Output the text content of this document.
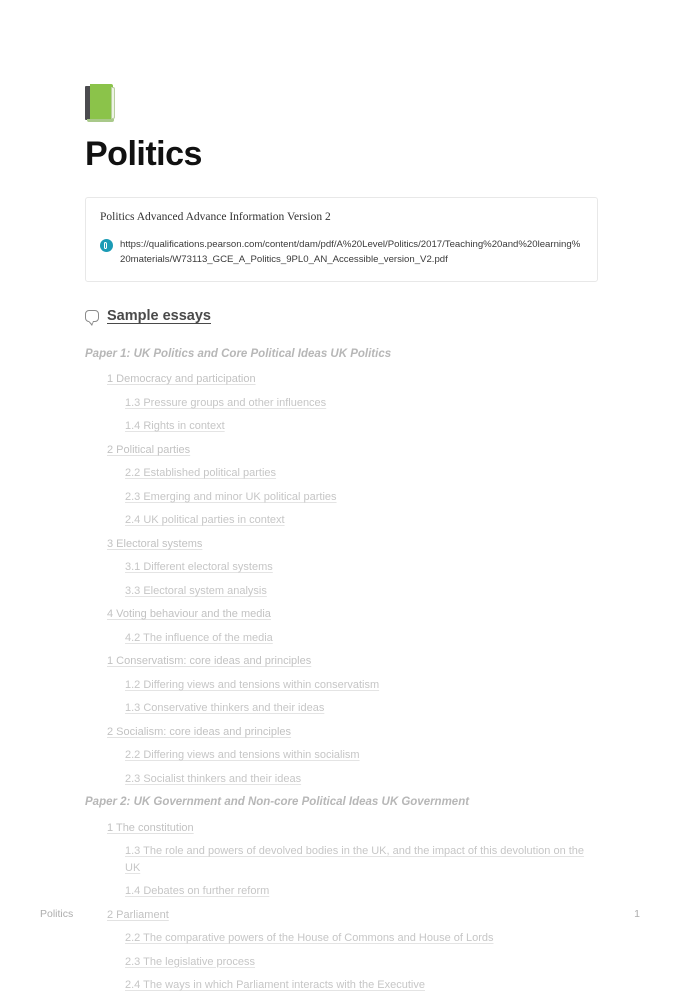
Politics
Politics Advanced Advance Information Version 2
https://qualifications.pearson.com/content/dam/pdf/A%20Level/Politics/2017/Teaching%20and%20learning%20materials/W73113_GCE_A_Politics_9PL0_AN_Accessible_version_V2.pdf
Sample essays
Paper 1: UK Politics and Core Political Ideas UK Politics
1 Democracy and participation
1.3 Pressure groups and other influences
1.4 Rights in context
2 Political parties
2.2 Established political parties
2.3 Emerging and minor UK political parties
2.4 UK political parties in context
3 Electoral systems
3.1 Different electoral systems
3.3 Electoral system analysis
4 Voting behaviour and the media
4.2 The influence of the media
1 Conservatism: core ideas and principles
1.2 Differing views and tensions within conservatism
1.3 Conservative thinkers and their ideas
2 Socialism: core ideas and principles
2.2 Differing views and tensions within socialism
2.3 Socialist thinkers and their ideas
Paper 2: UK Government and Non-core Political Ideas UK Government
1 The constitution
1.3 The role and powers of devolved bodies in the UK, and the impact of this devolution on the UK
1.4 Debates on further reform
2 Parliament
2.2 The comparative powers of the House of Commons and House of Lords
2.3 The legislative process
2.4 The ways in which Parliament interacts with the Executive
Politics	1
